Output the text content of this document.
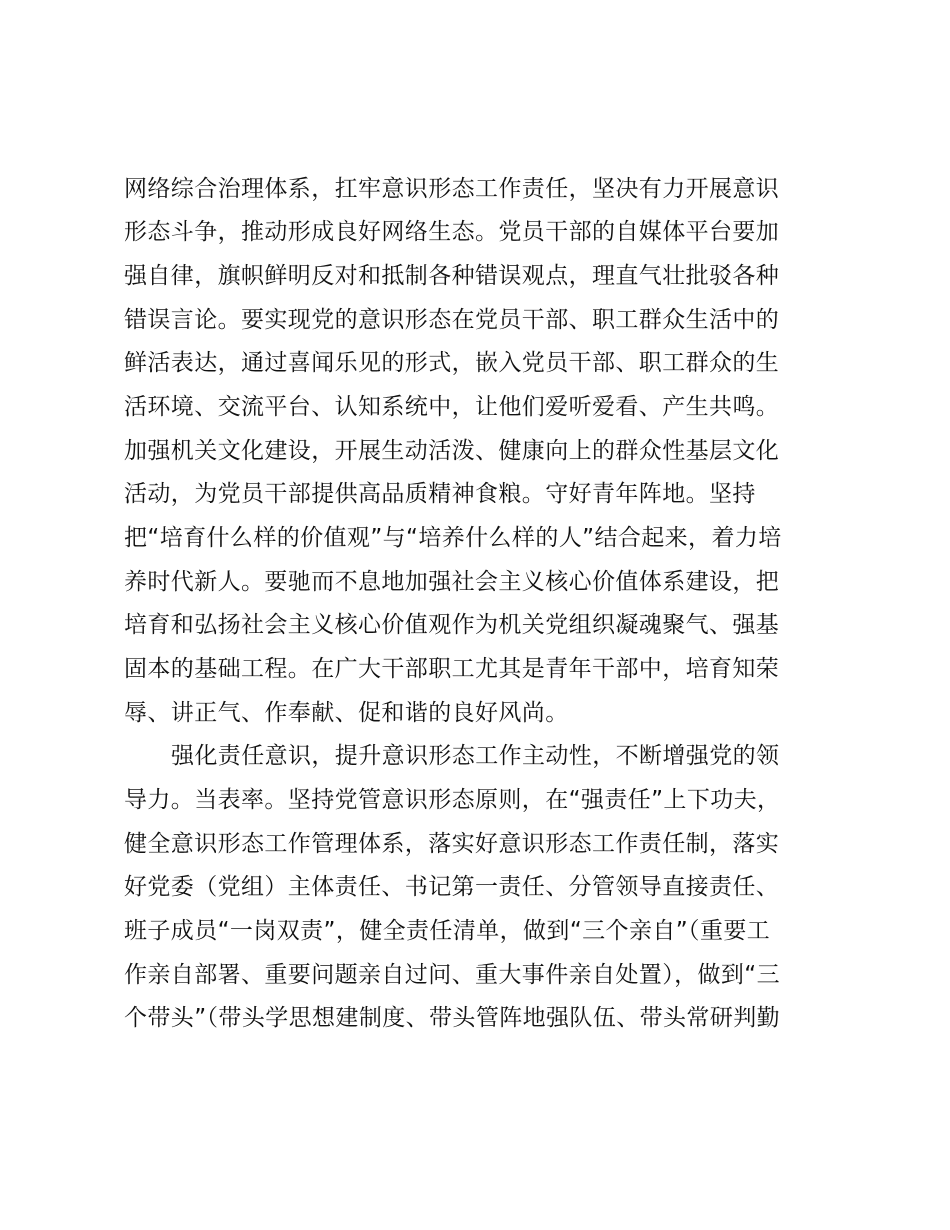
网络综合治理体系，扛牢意识形态工作责任，坚决有力开展意识

形态斗争，推动形成良好网络生态。党员干部的自媒体平台要加

强自律，旗帜鲜明反对和抵制各种错误观点，理直气壮批驳各种

错误言论。要实现党的意识形态在党员干部、职工群众生活中的

鲜活表达，通过喜闻乐见的形式，嵌入党员干部、职工群众的生

活环境、交流平台、认知系统中，让他们爱听爱看、产生共鸣。

加强机关文化建设，开展生动活泼、健康向上的群众性基层文化

活动，为党员干部提供高品质精神食粮。守好青年阵地。坚持

把“培育什么样的价值观”与“培养什么样的人”结合起来，着力培

养时代新人。要驰而不息地加强社会主义核心价值体系建设，把

培育和弘扬社会主义核心价值观作为机关党组织凝魂聚气、强基

固本的基础工程。在广大干部职工尤其是青年干部中，培育知荣

辱、讲正气、作奉献、促和谐的良好风尚。

强化责任意识，提升意识形态工作主动性，不断增强党的领

导力。当表率。坚持党管意识形态原则，在“强责任”上下功夫，

健全意识形态工作管理体系，落实好意识形态工作责任制，落实

好党委（党组）主体责任、书记第一责任、分管领导直接责任、

班子成员“一岗双责”，健全责任清单，做到“三个亲自”（重要工

作亲自部署、重要问题亲自过问、重大事件亲自处置），做到“三

个带头”（带头学思想建制度、带头管阵地强队伍、带头常研判勤
